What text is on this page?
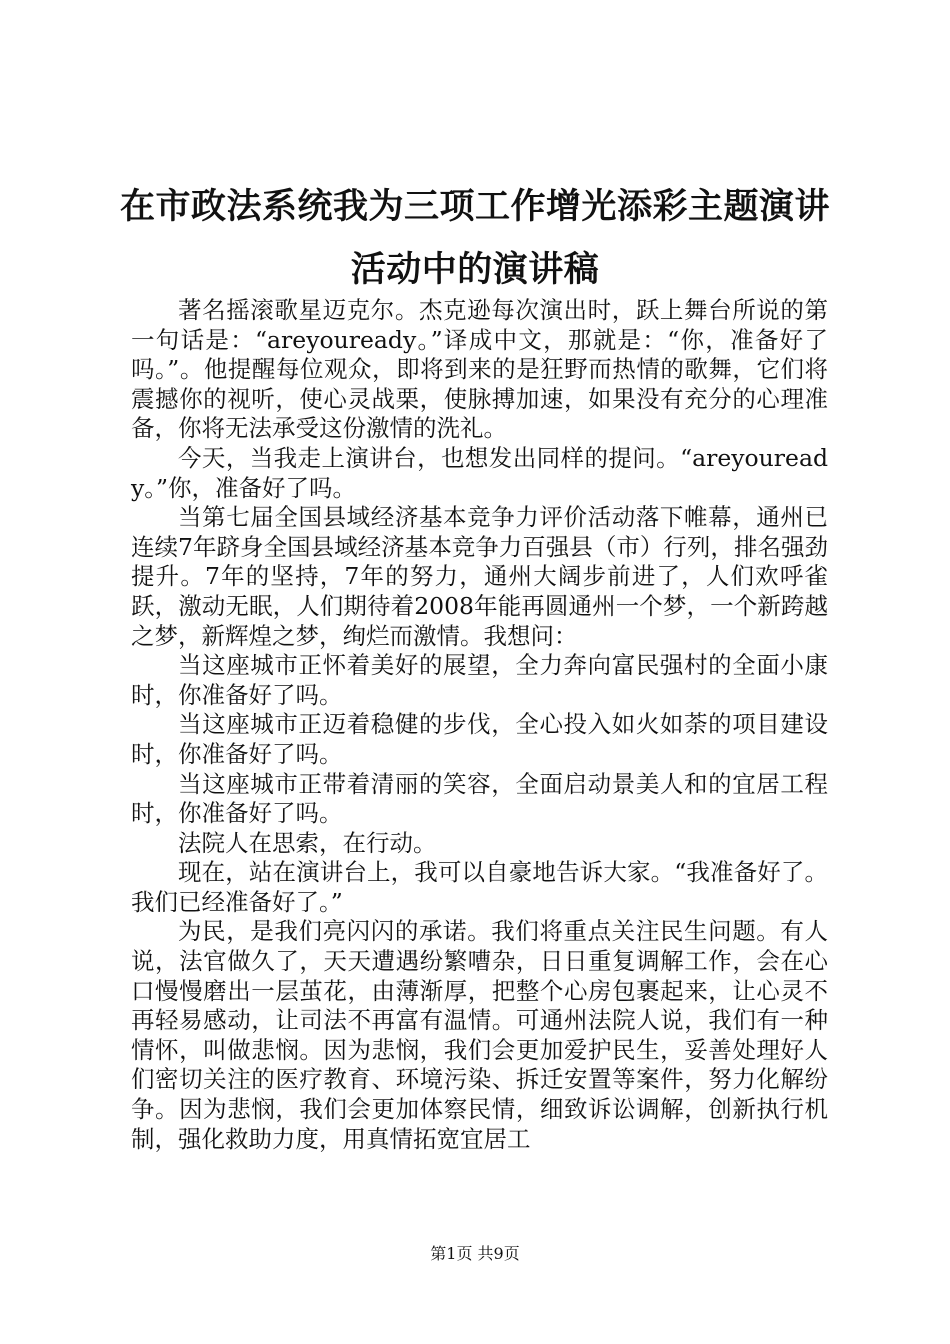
在市政法系统我为三项工作增光添彩主题演讲
活动中的演讲稿

著名摇滚歌星迈克尔。杰克逊每次演出时，跃上舞台所说的第一句话是：“areyouready。”译成中文，那就是：“你，准备好了吗。”。他提醒每位观众，即将到来的是狂野而热情的歌舞，它们将震撼你的视听，使心灵战栗，使脉搏加速，如果没有充分的心理准备，你将无法承受这份激情的洗礼。

今天，当我走上演讲台，也想发出同样的提问。“areyouready。”你，准备好了吗。

当第七届全国县域经济基本竞争力评价活动落下帷幕，通州已连续7年跻身全国县域经济基本竞争力百强县（市）行列，排名强劲提升。7年的坚持，7年的努力，通州大阔步前进了，人们欢呼雀跃，激动无眠，人们期待着2008年能再圆通州一个梦，一个新跨越之梦，新辉煌之梦，绚烂而激情。我想问：

当这座城市正怀着美好的展望，全力奔向富民强村的全面小康时，你准备好了吗。

当这座城市正迈着稳健的步伐，全心投入如火如荼的项目建设时，你准备好了吗。

当这座城市正带着清丽的笑容，全面启动景美人和的宜居工程时，你准备好了吗。

法院人在思索，在行动。

现在，站在演讲台上，我可以自豪地告诉大家。“我准备好了。我们已经准备好了。”

为民，是我们亮闪闪的承诺。我们将重点关注民生问题。有人说，法官做久了，天天遭遇纷繁嘈杂，日日重复调解工作，会在心口慢慢磨出一层茧花，由薄渐厚，把整个心房包裹起来，让心灵不再轻易感动，让司法不再富有温情。可通州法院人说，我们有一种情怀，叫做悲悯。因为悲悯，我们会更加爱护民生，妥善处理好人们密切关注的医疗教育、环境污染、拆迁安置等案件，努力化解纷争。因为悲悯，我们会更加体察民情，细致诉讼调解，创新执行机制，强化救助力度，用真情拓宽宜居工

第1页 共9页
